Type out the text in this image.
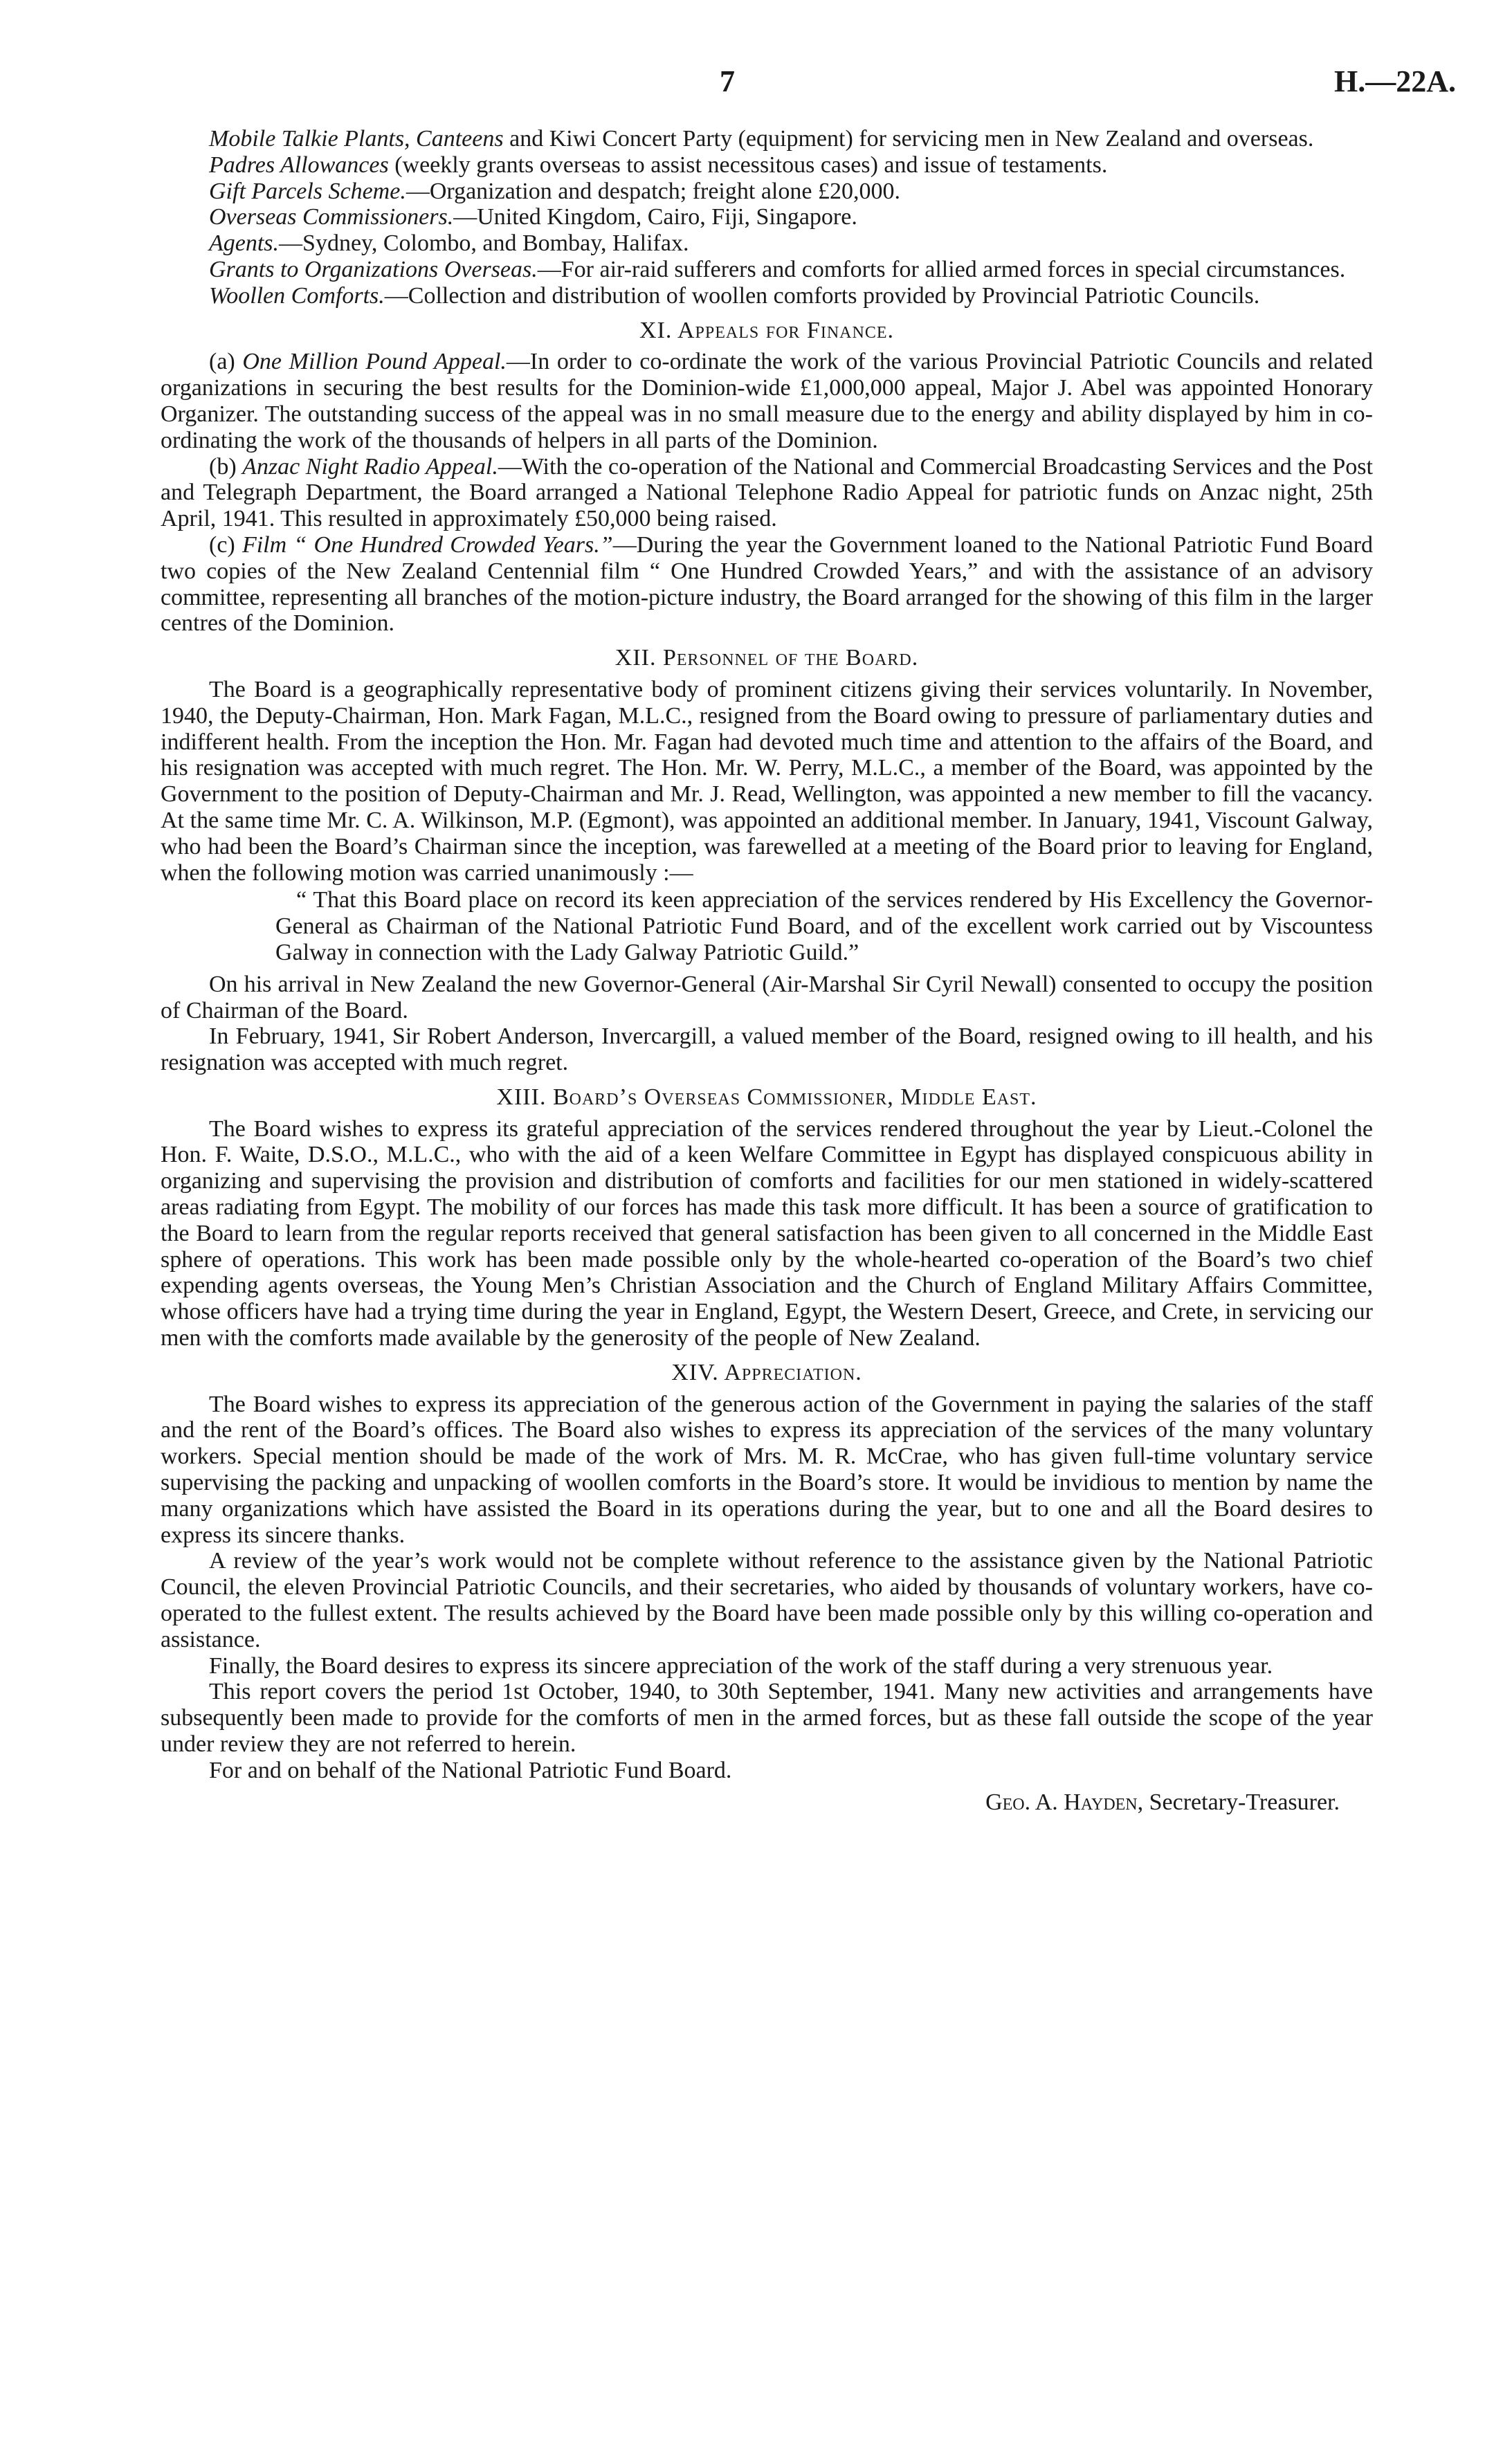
7	H.—22A.

Mobile Talkie Plants, Canteens and Kiwi Concert Party (equipment) for servicing men in New Zealand and overseas.

Padres Allowances (weekly grants overseas to assist necessitous cases) and issue of testaments.

Gift Parcels Scheme.—Organization and despatch; freight alone £20,000.

Overseas Commissioners.—United Kingdom, Cairo, Fiji, Singapore.

Agents.—Sydney, Colombo, and Bombay, Halifax.

Grants to Organizations Overseas.—For air-raid sufferers and comforts for allied armed forces in special circumstances.

Woollen Comforts.—Collection and distribution of woollen comforts provided by Provincial Patriotic Councils.

XI. Appeals for Finance.

(a) One Million Pound Appeal.—In order to co-ordinate the work of the various Provincial Patriotic Councils and related organizations in securing the best results for the Dominion-wide £1,000,000 appeal, Major J. Abel was appointed Honorary Organizer. The outstanding success of the appeal was in no small measure due to the energy and ability displayed by him in co-ordinating the work of the thousands of helpers in all parts of the Dominion.

(b) Anzac Night Radio Appeal.—With the co-operation of the National and Commercial Broadcasting Services and the Post and Telegraph Department, the Board arranged a National Telephone Radio Appeal for patriotic funds on Anzac night, 25th April, 1941. This resulted in approximately £50,000 being raised.

(c) Film “ One Hundred Crowded Years.”—During the year the Government loaned to the National Patriotic Fund Board two copies of the New Zealand Centennial film “ One Hundred Crowded Years,” and with the assistance of an advisory committee, representing all branches of the motion-picture industry, the Board arranged for the showing of this film in the larger centres of the Dominion.

XII. Personnel of the Board.

The Board is a geographically representative body of prominent citizens giving their services voluntarily. In November, 1940, the Deputy-Chairman, Hon. Mark Fagan, M.L.C., resigned from the Board owing to pressure of parliamentary duties and indifferent health. From the inception the Hon. Mr. Fagan had devoted much time and attention to the affairs of the Board, and his resignation was accepted with much regret. The Hon. Mr. W. Perry, M.L.C., a member of the Board, was appointed by the Government to the position of Deputy-Chairman and Mr. J. Read, Wellington, was appointed a new member to fill the vacancy. At the same time Mr. C. A. Wilkinson, M.P. (Egmont), was appointed an additional member. In January, 1941, Viscount Galway, who had been the Board’s Chairman since the inception, was farewelled at a meeting of the Board prior to leaving for England, when the following motion was carried unanimously :—

“ That this Board place on record its keen appreciation of the services rendered by His Excellency the Governor-General as Chairman of the National Patriotic Fund Board, and of the excellent work carried out by Viscountess Galway in connection with the Lady Galway Patriotic Guild.”

On his arrival in New Zealand the new Governor-General (Air-Marshal Sir Cyril Newall) consented to occupy the position of Chairman of the Board.

In February, 1941, Sir Robert Anderson, Invercargill, a valued member of the Board, resigned owing to ill health, and his resignation was accepted with much regret.

XIII. Board’s Overseas Commissioner, Middle East.

The Board wishes to express its grateful appreciation of the services rendered throughout the year by Lieut.-Colonel the Hon. F. Waite, D.S.O., M.L.C., who with the aid of a keen Welfare Committee in Egypt has displayed conspicuous ability in organizing and supervising the provision and distribution of comforts and facilities for our men stationed in widely-scattered areas radiating from Egypt. The mobility of our forces has made this task more difficult. It has been a source of gratification to the Board to learn from the regular reports received that general satisfaction has been given to all concerned in the Middle East sphere of operations. This work has been made possible only by the whole-hearted co-operation of the Board’s two chief expending agents overseas, the Young Men’s Christian Association and the Church of England Military Affairs Committee, whose officers have had a trying time during the year in England, Egypt, the Western Desert, Greece, and Crete, in servicing our men with the comforts made available by the generosity of the people of New Zealand.

XIV. Appreciation.

The Board wishes to express its appreciation of the generous action of the Government in paying the salaries of the staff and the rent of the Board’s offices. The Board also wishes to express its appreciation of the services of the many voluntary workers. Special mention should be made of the work of Mrs. M. R. McCrae, who has given full-time voluntary service supervising the packing and unpacking of woollen comforts in the Board’s store. It would be invidious to mention by name the many organizations which have assisted the Board in its operations during the year, but to one and all the Board desires to express its sincere thanks.

A review of the year’s work would not be complete without reference to the assistance given by the National Patriotic Council, the eleven Provincial Patriotic Councils, and their secretaries, who aided by thousands of voluntary workers, have co-operated to the fullest extent. The results achieved by the Board have been made possible only by this willing co-operation and assistance.

Finally, the Board desires to express its sincere appreciation of the work of the staff during a very strenuous year.

This report covers the period 1st October, 1940, to 30th September, 1941. Many new activities and arrangements have subsequently been made to provide for the comforts of men in the armed forces, but as these fall outside the scope of the year under review they are not referred to herein.

For and on behalf of the National Patriotic Fund Board.

Geo. A. Hayden, Secretary-Treasurer.
